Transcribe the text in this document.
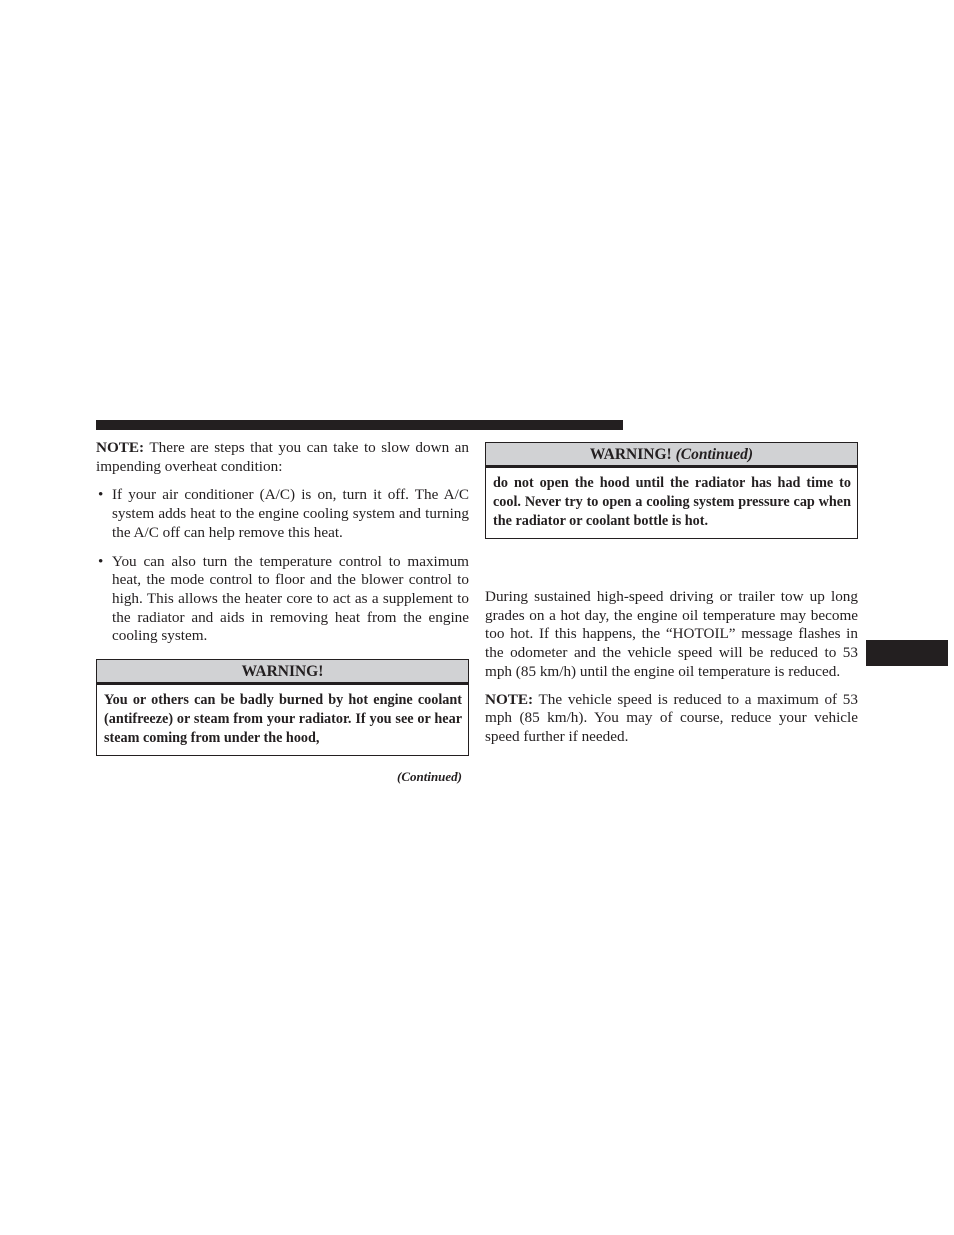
NOTE: There are steps that you can take to slow down an impending overheat condition:

• If your air conditioner (A/C) is on, turn it off. The A/C system adds heat to the engine cooling system and turning the A/C off can help remove this heat.
• You can also turn the temperature control to maximum heat, the mode control to floor and the blower control to high. This allows the heater core to act as a supplement to the radiator and aids in removing heat from the engine cooling system.
WARNING!
You or others can be badly burned by hot engine coolant (antifreeze) or steam from your radiator. If you see or hear steam coming from under the hood,
(Continued)
WARNING! (Continued)
do not open the hood until the radiator has had time to cool. Never try to open a cooling system pressure cap when the radiator or coolant bottle is hot.

During sustained high-speed driving or trailer tow up long grades on a hot day, the engine oil temperature may become too hot. If this happens, the “HOTOIL” message flashes in the odometer and the vehicle speed will be reduced to 53 mph (85 km/h) until the engine oil temperature is reduced.

NOTE: The vehicle speed is reduced to a maximum of 53 mph (85 km/h). You may of course, reduce your vehicle speed further if needed.
